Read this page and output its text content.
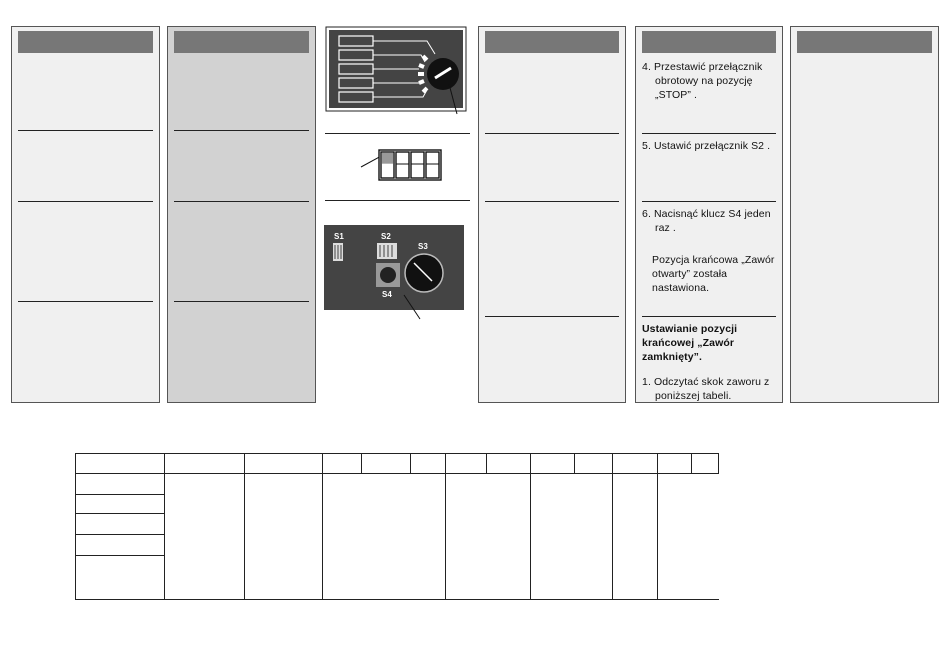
S1	S2
S4
S3
4. Przestawić przełącznik obrotowy na pozycję „STOP” .
5. Ustawić przełącznik S2 .
6. Nacisnąć klucz S4 jeden raz .
Pozycja krańcowa „Zawór otwarty” została nastawiona.
Ustawianie pozycji krańcowej „Zawór zamknięty”.
1. Odczytać skok zaworu z poniższej tabeli.
